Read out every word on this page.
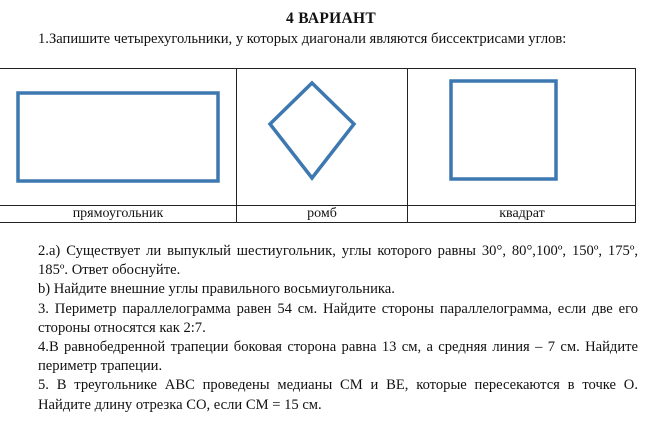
4 ВАРИАНТ
1.Запишите четырехугольники, у которых диагонали являются биссектрисами углов:
прямоугольник	ромб	квадрат

2.а) Существует ли выпуклый шестиугольник, углы которого равны 30°, 80°,100º, 150º, 175º, 185º. Ответ обоснуйте.

b) Найдите внешние углы правильного восьмиугольника.

3. Периметр параллелограмма равен 54 см. Найдите стороны параллелограмма, если две его стороны относятся как 2:7.

4.В равнобедренной трапеции боковая сторона равна 13 см, а средняя линия – 7 см. Найдите периметр трапеции.

5. В треугольнике АВС проведены медианы СМ и ВЕ, которые пересекаются в точке О. Найдите длину отрезка СО, если СМ = 15 см.
